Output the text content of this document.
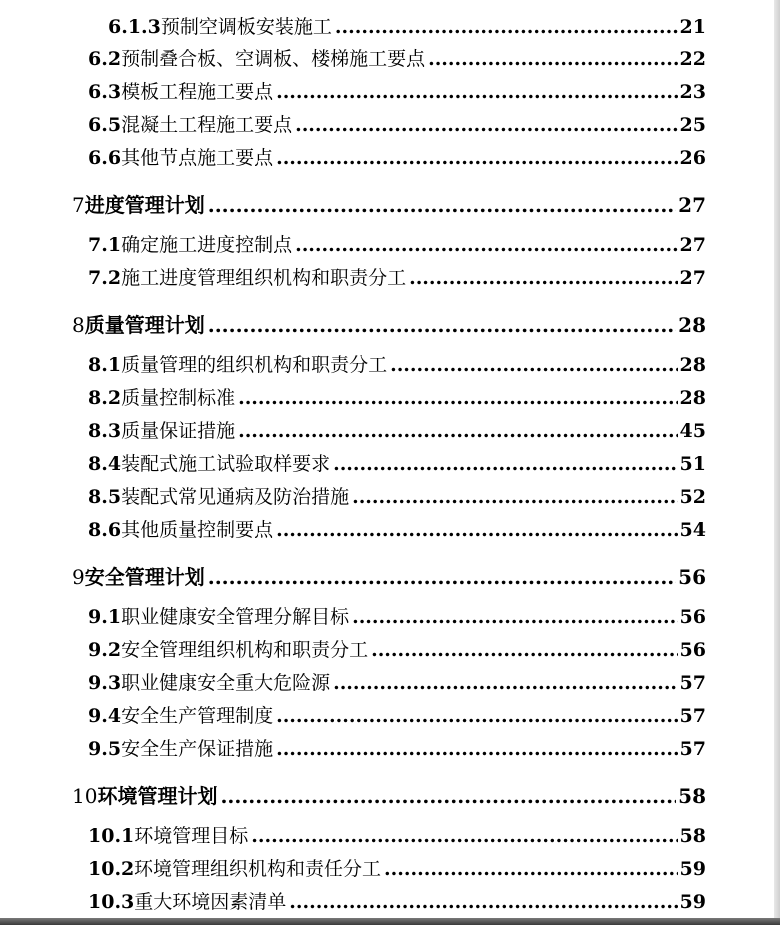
6.1.3 预制空调板安装施工 .....	21
6.2 预制叠合板、空调板、楼梯施工要点 .....	22
6.3 模板工程施工要点 .....	23
6.5 混凝土工程施工要点 .....	25
6.6 其他节点施工要点 .....	26
7 进度管理计划 .....	27
7.1 确定施工进度控制点 .....	27
7.2 施工进度管理组织机构和职责分工 .....	27
8 质量管理计划 .....	28
8.1 质量管理的组织机构和职责分工 .....	28
8.2 质量控制标准 .....	28
8.3 质量保证措施 .....	45
8.4 装配式施工试验取样要求 .....	51
8.5 装配式常见通病及防治措施 .....	52
8.6 其他质量控制要点 .....	54
9 安全管理计划 .....	56
9.1 职业健康安全管理分解目标 .....	56
9.2 安全管理组织机构和职责分工 .....	56
9.3 职业健康安全重大危险源 .....	57
9.4 安全生产管理制度 .....	57
9.5 安全生产保证措施 .....	57
10 环境管理计划 .....	58
10.1 环境管理目标 .....	58
10.2 环境管理组织机构和责任分工 .....	59
10.3 重大环境因素清单 .....	59
